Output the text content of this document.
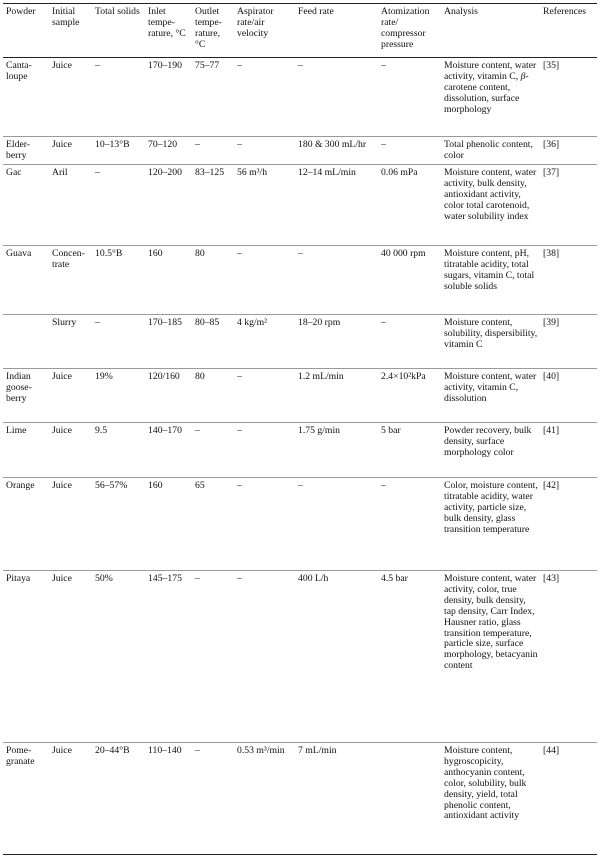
Powder	Initial sample	Total solids	Inlet tempe-rature, °C	Outlet tempe-rature, °C	Aspirator rate/air velocity	Feed rate	Atomization rate/ compressor pressure	Analysis	References
Canta-loupe	Juice	–	170–190	75–77	–	–	–	Moisture content, water activity, vitamin C, β-carotene content, dissolution, surface morphology	[35]
Elder-berry	Juice	10–13°B	70–120	–	–	180 & 300 mL/hr	–	Total phenolic content, color	[36]
Gac	Aril	–	120–200	83–125	56 m³/h	12–14 mL/min	0.06 mPa	Moisture content, water activity, bulk density, antioxidant activity, color total carotenoid, water solubility index	[37]
Guava	Concen-trate	10.5°B	160	80	–	–	40 000 rpm	Moisture content, pH, titratable acidity, total sugars, vitamin C, total soluble solids	[38]
	Slurry	–	170–185	80–85	4 kg/m²	18–20 rpm	–	Moisture content, solubility, dispersibility, vitamin C	[39]
Indian goose-berry	Juice	19%	120/160	80	–	1.2 mL/min	2.4×10²kPa	Moisture content, water activity, vitamin C, dissolution	[40]
Lime	Juice	9.5	140–170	–	–	1.75 g/min	5 bar	Powder recovery, bulk density, surface morphology color	[41]
Orange	Juice	56–57%	160	65	–	–	–	Color, moisture content, titratable acidity, water activity, particle size, bulk density, glass transition temperature	[42]
Pitaya	Juice	50%	145–175	–	–	400 L/h	4.5 bar	Moisture content, water activity, color, true density, bulk density, tap density, Carr Index, Hausner ratio, glass transition temperature, particle size, surface morphology, betacyanin content	[43]
Pome-granate	Juice	20–44°B	110–140	–	0.53 m³/min	7 mL/min		Moisture content, hygroscopicity, anthocyanin content, color, solubility, bulk density, yield, total phenolic content, antioxidant activity	[44]
